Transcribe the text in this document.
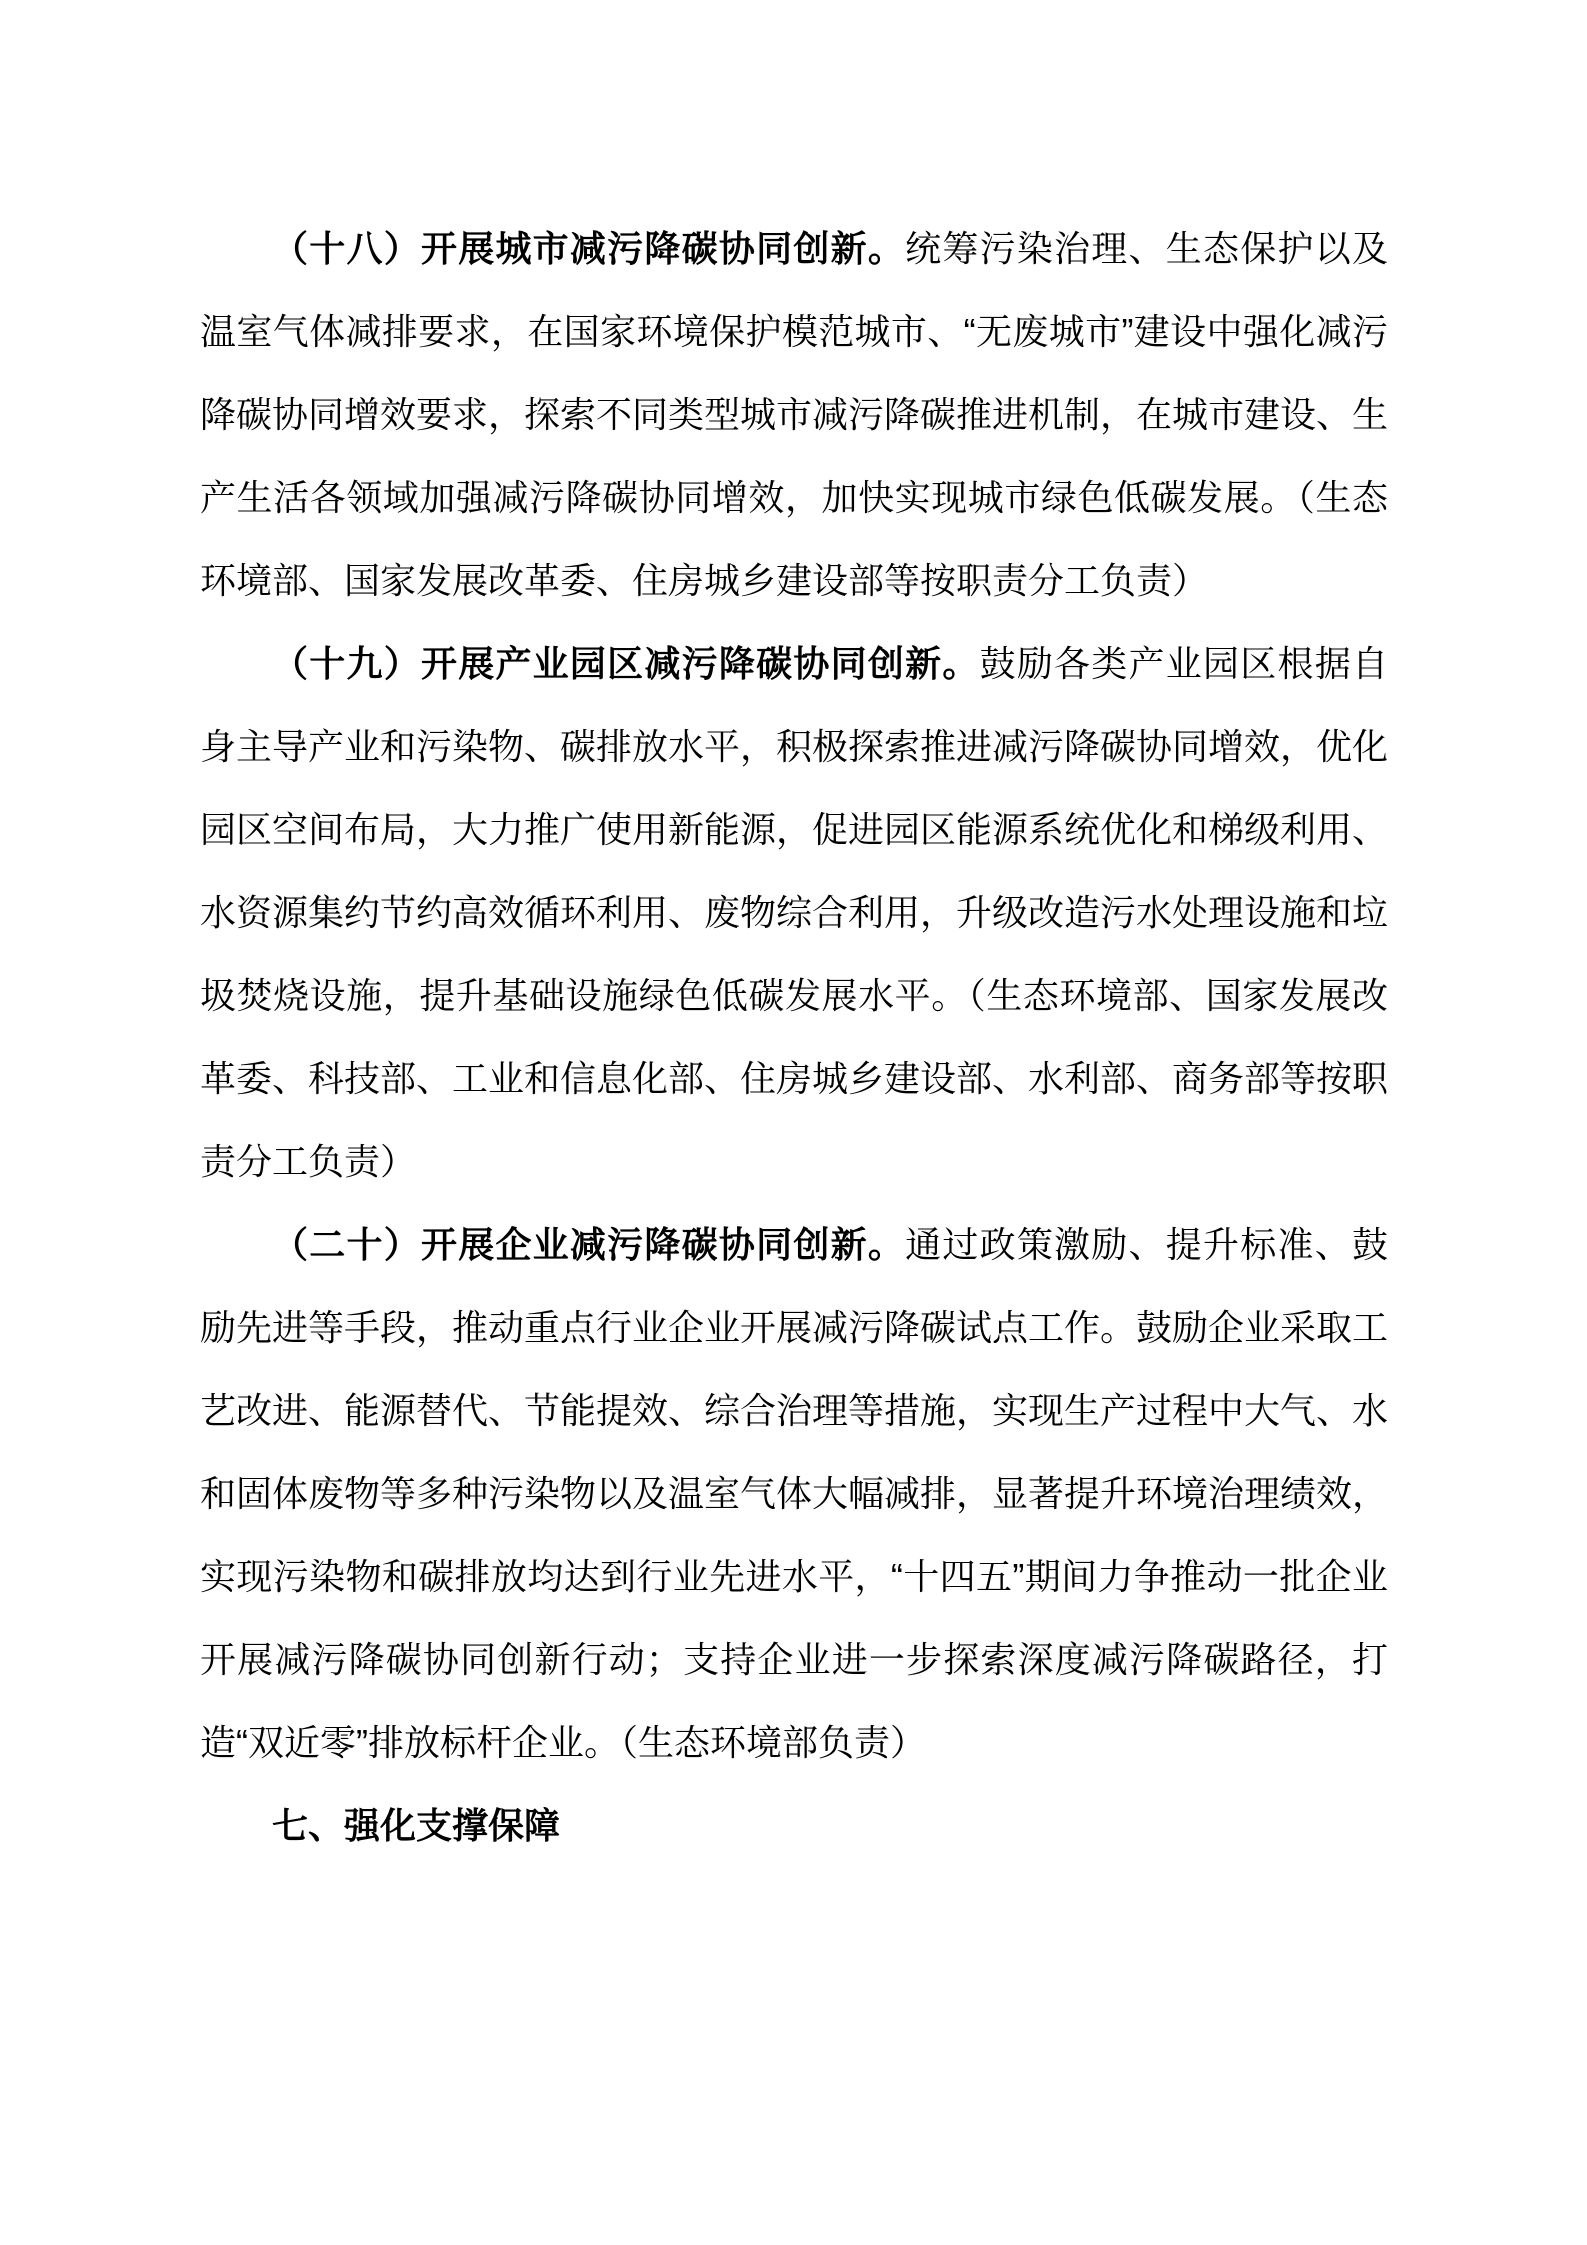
（十八）开展城市减污降碳协同创新。统筹污染治理、生态保护以及温室气体减排要求，在国家环境保护模范城市、“无废城市”建设中强化减污降碳协同增效要求，探索不同类型城市减污降碳推进机制，在城市建设、生产生活各领域加强减污降碳协同增效，加快实现城市绿色低碳发展。（生态环境部、国家发展改革委、住房城乡建设部等按职责分工负责）

（十九）开展产业园区减污降碳协同创新。鼓励各类产业园区根据自身主导产业和污染物、碳排放水平，积极探索推进减污降碳协同增效，优化园区空间布局，大力推广使用新能源，促进园区能源系统优化和梯级利用、水资源集约节约高效循环利用、废物综合利用，升级改造污水处理设施和垃圾焚烧设施，提升基础设施绿色低碳发展水平。（生态环境部、国家发展改革委、科技部、工业和信息化部、住房城乡建设部、水利部、商务部等按职责分工负责）

（二十）开展企业减污降碳协同创新。通过政策激励、提升标准、鼓励先进等手段，推动重点行业企业开展减污降碳试点工作。鼓励企业采取工艺改进、能源替代、节能提效、综合治理等措施，实现生产过程中大气、水和固体废物等多种污染物以及温室气体大幅减排，显著提升环境治理绩效，实现污染物和碳排放均达到行业先进水平，“十四五”期间力争推动一批企业开展减污降碳协同创新行动；支持企业进一步探索深度减污降碳路径，打造“双近零”排放标杆企业。（生态环境部负责）

七、强化支撑保障
